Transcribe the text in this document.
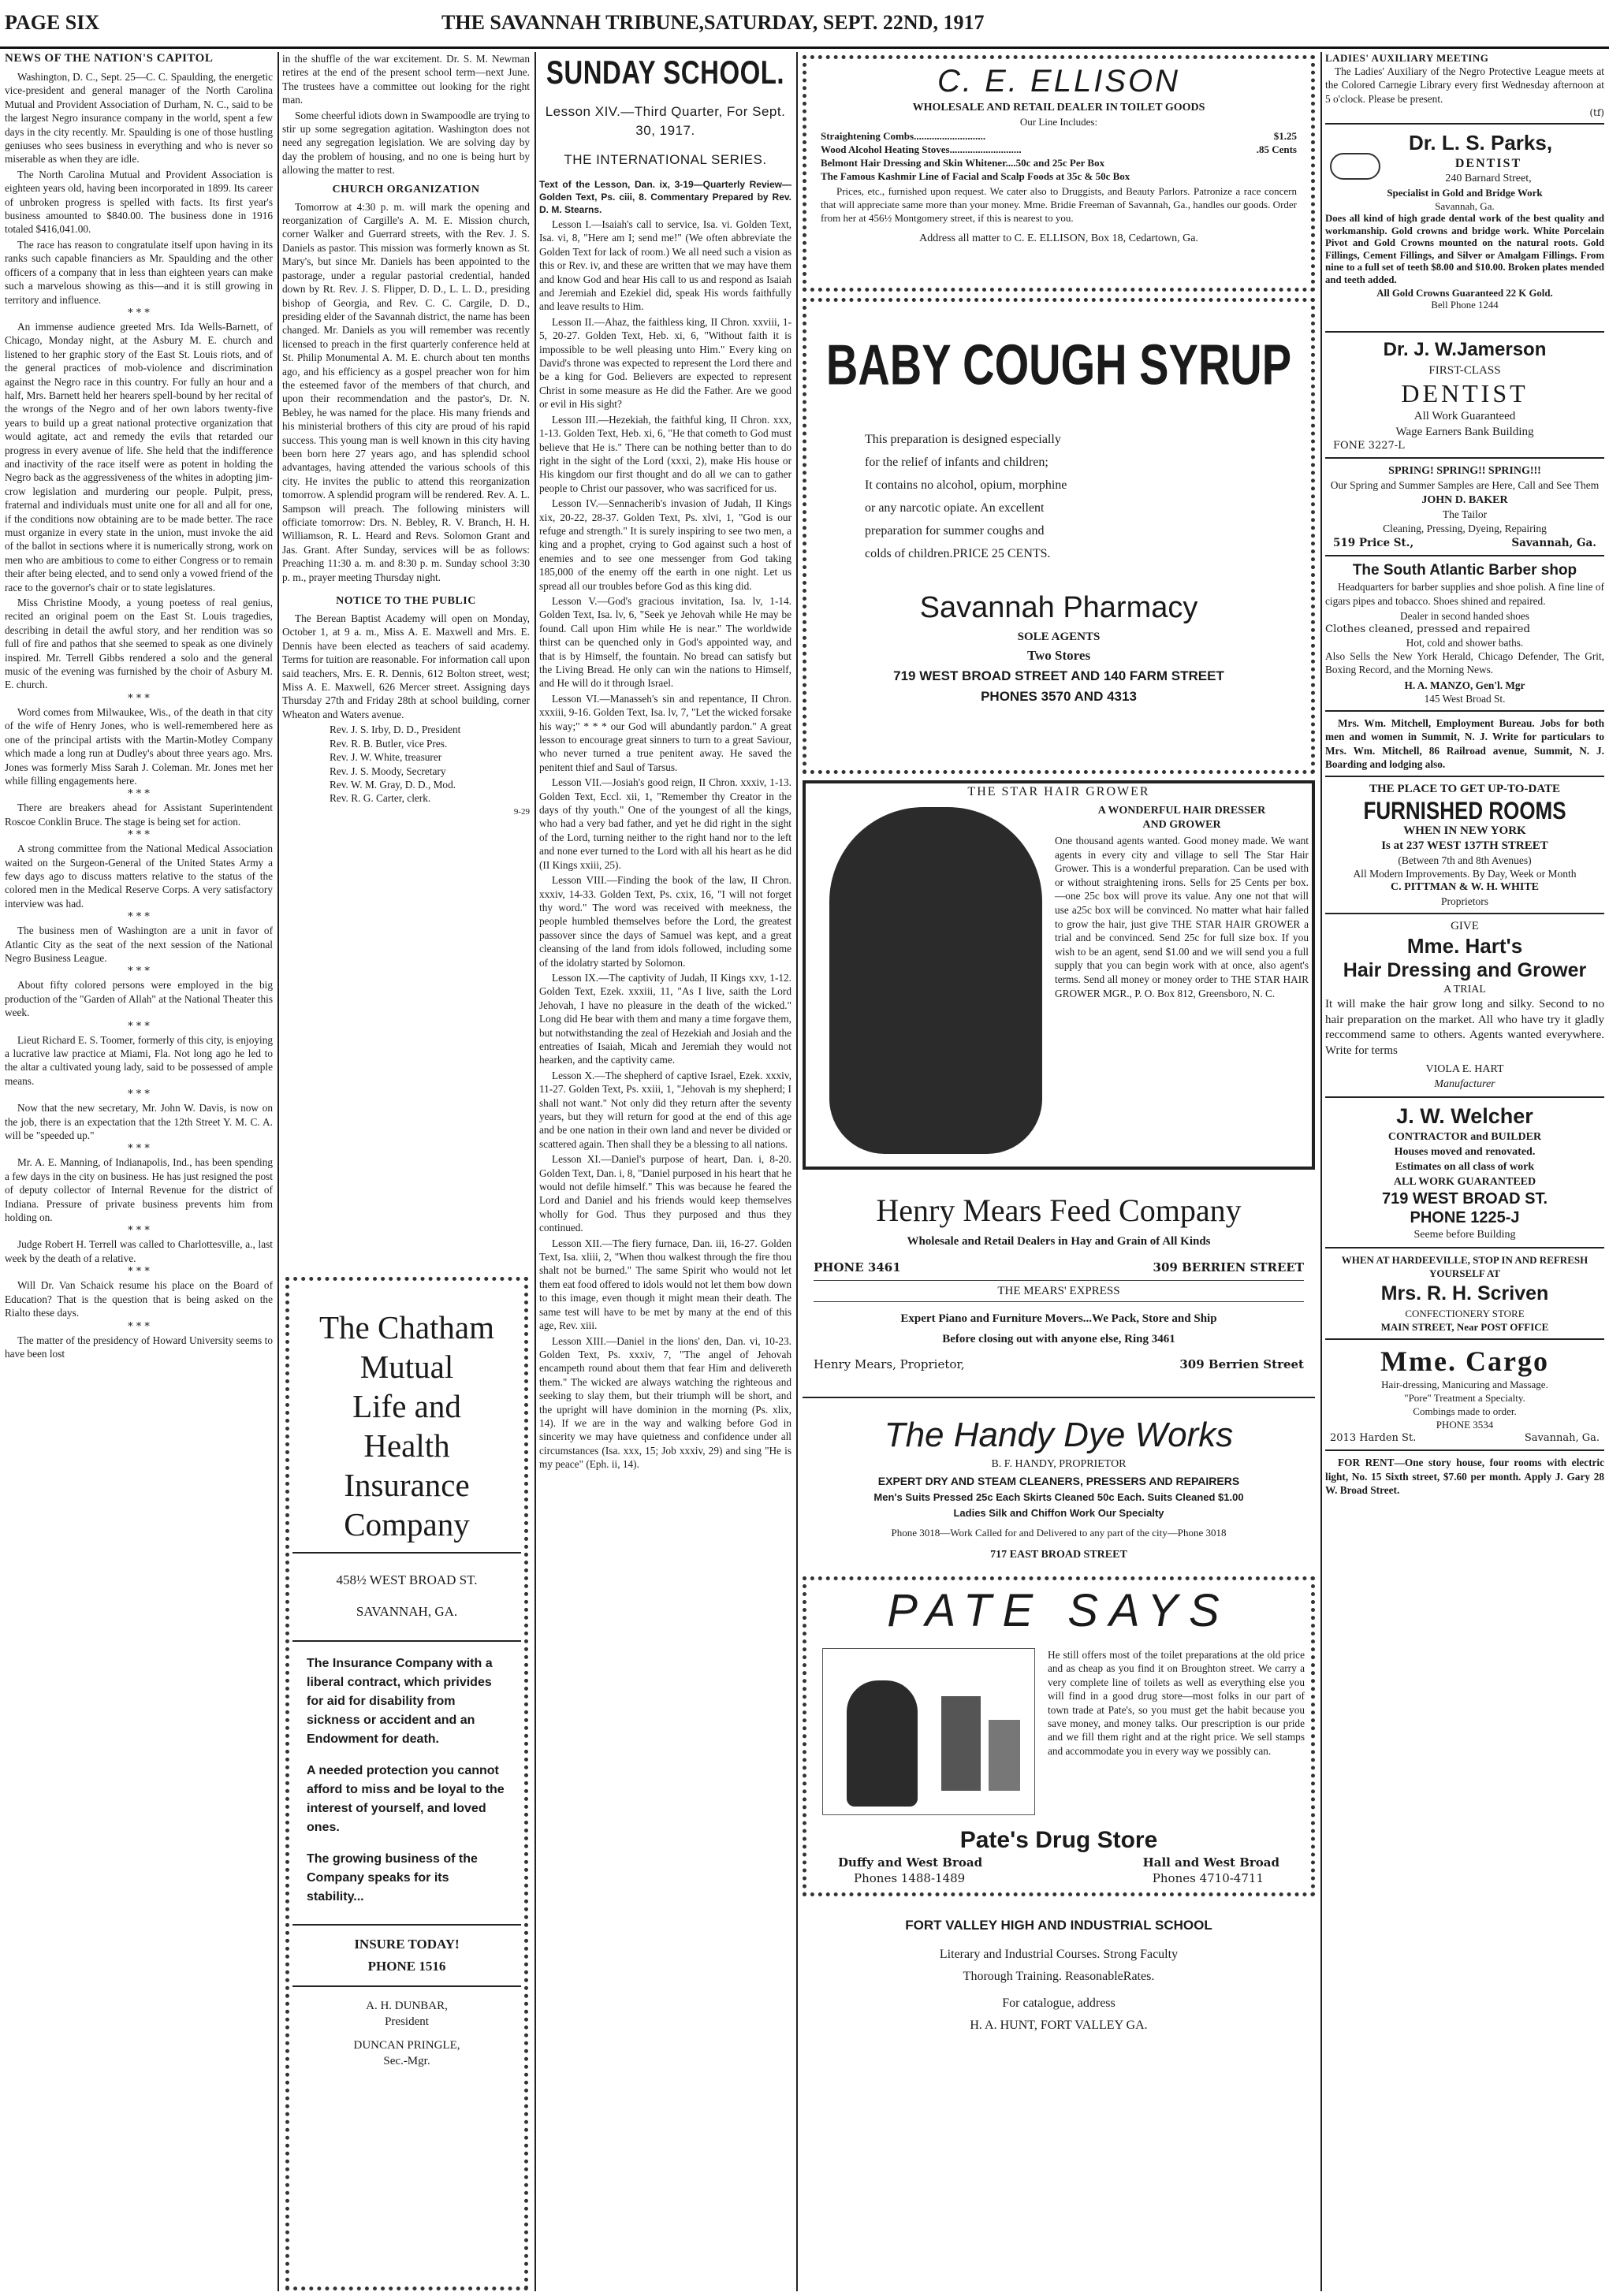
PAGE SIX	THE SAVANNAH TRIBUNE,SATURDAY, SEPT. 22ND, 1917
NEWS OF THE NATION'S CAPITOL

Washington, D. C., Sept. 25—C. C. Spaulding, the energetic vice-president and general manager of the North Carolina Mutual and Provident Association of Durham, N. C., said to be the largest Negro insurance company in the world, spent a few days in the city recently. Mr. Spaulding is one of those hustling geniuses who sees business in everything and who is never so miserable as when they are idle.

The North Carolina Mutual and Provident Association is eighteen years old, having been incorporated in 1899. Its career of unbroken progress is spelled with facts. Its first year's business amounted to $840.00. The business done in 1916 totaled $416,041.00.

The race has reason to congratulate itself upon having in its ranks such capable financiers as Mr. Spaulding and the other officers of a company that in less than eighteen years can make such a marvelous showing as this—and it is still growing in territory and influence.

* * *

An immense audience greeted Mrs. Ida Wells-Barnett, of Chicago, Monday night, at the Asbury M. E. church and listened to her graphic story of the East St. Louis riots, and of the general practices of mob-violence and discrimination against the Negro race in this country. For fully an hour and a half, Mrs. Barnett held her hearers spell-bound by her recital of the wrongs of the Negro and of her own labors twenty-five years to build up a great national protective organization that would agitate, act and remedy the evils that retarded our progress in every avenue of life. She held that the indifference and inactivity of the race itself were as potent in holding the Negro back as the aggressiveness of the whites in adopting jim-crow legislation and murdering our people. Pulpit, press, fraternal and individuals must unite one for all and all for one, if the conditions now obtaining are to be made better. The race must organize in every state in the union, must invoke the aid of the ballot in sections where it is numerically strong, work on men who are ambitious to come to either Congress or to remain their after being elected, and to send only a vowed friend of the race to the governor's chair or to state legislatures.

Miss Christine Moody, a young poetess of real genius, recited an original poem on the East St. Louis tragedies, describing in detail the awful story, and her rendition was so full of fire and pathos that she seemed to speak as one divinely inspired. Mr. Terrell Gibbs rendered a solo and the general music of the evening was furnished by the choir of Asbury M. E. church.

* * *

Word comes from Milwaukee, Wis., of the death in that city of the wife of Henry Jones, who is well-remembered here as one of the principal artists with the Martin-Motley Company which made a long run at Dudley's about three years ago. Mrs. Jones was formerly Miss Sarah J. Coleman. Mr. Jones met her while filling engagements here.

* * *

There are breakers ahead for Assistant Superintendent Roscoe Conklin Bruce. The stage is being set for action.

* * *

A strong committee from the National Medical Association waited on the Surgeon-General of the United States Army a few days ago to discuss matters relative to the status of the colored men in the Medical Reserve Corps. A very satisfactory interview was had.

* * *

The business men of Washington are a unit in favor of Atlantic City as the seat of the next session of the National Negro Business League.

* * *

About fifty colored persons were employed in the big production of the "Garden of Allah" at the National Theater this week.

* * *

Lieut Richard E. S. Toomer, formerly of this city, is enjoying a lucrative law practice at Miami, Fla. Not long ago he led to the altar a cultivated young lady, said to be possessed of ample means.

* * *

Now that the new secretary, Mr. John W. Davis, is now on the job, there is an expectation that the 12th Street Y. M. C. A. will be "speeded up."

* * *

Mr. A. E. Manning, of Indianapolis, Ind., has been spending a few days in the city on business. He has just resigned the post of deputy collector of Internal Revenue for the district of Indiana. Pressure of private business prevents him from holding on.

* * *

Judge Robert H. Terrell was called to Charlottesville, a., last week by the death of a relative.

* * *

Will Dr. Van Schaick resume his place on the Board of Education? That is the question that is being asked on the Rialto these days.

* * *

The matter of the presidency of Howard University seems to have been lost

in the shuffle of the war excitement. Dr. S. M. Newman retires at the end of the present school term—next June. The trustees have a committee out looking for the right man.

Some cheerful idiots down in Swampoodle are trying to stir up some segregation agitation. Washington does not need any segregation legislation. We are solving day by day the problem of housing, and no one is being hurt by allowing the matter to rest.

CHURCH ORGANIZATION

Tomorrow at 4:30 p. m. will mark the opening and reorganization of Cargille's A. M. E. Mission church, corner Walker and Guerrard streets, with the Rev. J. S. Daniels as pastor. This mission was formerly known as St. Mary's, but since Mr. Daniels has been appointed to the pastorage, under a regular pastorial credential, handed down by Rt. Rev. J. S. Flipper, D. D., L. L. D., presiding bishop of Georgia, and Rev. C. C. Cargile, D. D., presiding elder of the Savannah district, the name has been changed. Mr. Daniels as you will remember was recently licensed to preach in the first quarterly conference held at St. Philip Monumental A. M. E. church about ten months ago, and his efficiency as a gospel preacher won for him the esteemed favor of the members of that church, and upon their recommendation and the pastor's, Dr. N. Bebley, he was named for the place. His many friends and his ministerial brothers of this city are proud of his rapid success. This young man is well known in this city having been born here 27 years ago, and has splendid school advantages, having attended the various schools of this city. He invites the public to attend this reorganization tomorrow. A splendid program will be rendered. Rev. A. L. Sampson will preach. The following ministers will officiate tomorrow: Drs. N. Bebley, R. V. Branch, H. H. Williamson, R. L. Heard and Revs. Solomon Grant and Jas. Grant. After Sunday, services will be as follows: Preaching 11:30 a. m. and 8:30 p. m. Sunday school 3:30 p. m., prayer meeting Thursday night.

NOTICE TO THE PUBLIC

The Berean Baptist Academy will open on Monday, October 1, at 9 a. m., Miss A. E. Maxwell and Mrs. E. Dennis have been elected as teachers of said academy. Terms for tuition are reasonable. For information call upon said teachers, Mrs. E. R. Dennis, 612 Bolton street, west; Miss A. E. Maxwell, 626 Mercer street. Assigning days Thursday 27th and Friday 28th at school building, corner Wheaton and Waters avenue.

Rev. J. S. Irby, D. D., President
Rev. R. B. Butler, vice Pres.
Rev. J. W. White, treasurer
Rev. J. S. Moody, Secretary
Rev. W. M. Gray, D. D., Mod.
Rev. R. G. Carter, clerk.
9-29
The Chatham
Mutual
Life and
Health
Insurance
Company
458½ WEST BROAD ST.
SAVANNAH, GA.

The Insurance Company with a liberal contract, which privides for aid for disability from sickness or accident and an Endowment for death.

A needed protection you cannot afford to miss and be loyal to the interest of yourself, and loved ones.

The growing business of the Company speaks for its stability...

INSURE TODAY!
PHONE 1516
A. H. DUNBAR,
President
DUNCAN PRINGLE,
Sec.-Mgr.
SUNDAY SCHOOL.
Lesson XIV.—Third Quarter, For Sept. 30, 1917.
THE INTERNATIONAL SERIES.

Text of the Lesson, Dan. ix, 3-19—Quarterly Review—Golden Text, Ps. ciii, 8. Commentary Prepared by Rev. D. M. Stearns.

Lesson I.—Isaiah's call to service, Isa. vi. Golden Text, Isa. vi, 8, "Here am I; send me!" (We often abbreviate the Golden Text for lack of room.) We all need such a vision as this or Rev. iv, and these are written that we may have them and know God and hear His call to us and respond as Isaiah and Jeremiah and Ezekiel did, speak His words faithfully and leave results to Him.

Lesson II.—Ahaz, the faithless king, II Chron. xxviii, 1-5, 20-27. Golden Text, Heb. xi, 6, "Without faith it is impossible to be well pleasing unto Him." Every king on David's throne was expected to represent the Lord there and be a king for God. Believers are expected to represent Christ in some measure as He did the Father. Are we good or evil in His sight?

Lesson III.—Hezekiah, the faithful king, II Chron. xxx, 1-13. Golden Text, Heb. xi, 6, "He that cometh to God must believe that He is." There can be nothing better than to do right in the sight of the Lord (xxxi, 2), make His house or His kingdom our first thought and do all we can to gather people to Christ our passover, who was sacrificed for us.

Lesson IV.—Sennacherib's invasion of Judah, II Kings xix, 20-22, 28-37. Golden Text, Ps. xlvi, 1, "God is our refuge and strength." It is surely inspiring to see two men, a king and a prophet, crying to God against such a host of enemies and to see one messenger from God taking 185,000 of the enemy off the earth in one night. Let us spread all our troubles before God as this king did.

Lesson V.—God's gracious invitation, Isa. lv, 1-14. Golden Text, Isa. lv, 6, "Seek ye Jehovah while He may be found. Call upon Him while He is near." The worldwide thirst can be quenched only in God's appointed way, and that is by Himself, the fountain. No bread can satisfy but the Living Bread. He only can win the nations to Himself, and He will do it through Israel.

Lesson VI.—Manasseh's sin and repentance, II Chron. xxxiii, 9-16. Golden Text, Isa. lv, 7, "Let the wicked forsake his way;" * * * our God will abundantly pardon." A great lesson to encourage great sinners to turn to a great Saviour, who never turned a true penitent away. He saved the penitent thief and Saul of Tarsus.

Lesson VII.—Josiah's good reign, II Chron. xxxiv, 1-13. Golden Text, Eccl. xii, 1, "Remember thy Creator in the days of thy youth." One of the youngest of all the kings, who had a very bad father, and yet he did right in the sight of the Lord, turning neither to the right hand nor to the left and none ever turned to the Lord with all his heart as he did (II Kings xxiii, 25).

Lesson VIII.—Finding the book of the law, II Chron. xxxiv, 14-33. Golden Text, Ps. cxix, 16, "I will not forget thy word." The word was received with meekness, the people humbled themselves before the Lord, the greatest passover since the days of Samuel was kept, and a great cleansing of the land from idols followed, including some of the idolatry started by Solomon.

Lesson IX.—The captivity of Judah, II Kings xxv, 1-12. Golden Text, Ezek. xxxiii, 11, "As I live, saith the Lord Jehovah, I have no pleasure in the death of the wicked." Long did He bear with them and many a time forgave them, but notwithstanding the zeal of Hezekiah and Josiah and the entreaties of Isaiah, Micah and Jeremiah they would not hearken, and the captivity came.

Lesson X.—The shepherd of captive Israel, Ezek. xxxiv, 11-27. Golden Text, Ps. xxiii, 1, "Jehovah is my shepherd; I shall not want." Not only did they return after the seventy years, but they will return for good at the end of this age and be one nation in their own land and never be divided or scattered again. Then shall they be a blessing to all nations.

Lesson XI.—Daniel's purpose of heart, Dan. i, 8-20. Golden Text, Dan. i, 8, "Daniel purposed in his heart that he would not defile himself." This was because he feared the Lord and Daniel and his friends would keep themselves wholly for God. Thus they purposed and thus they continued.

Lesson XII.—The fiery furnace, Dan. iii, 16-27. Golden Text, Isa. xliii, 2, "When thou walkest through the fire thou shalt not be burned." The same Spirit who would not let them eat food offered to idols would not let them bow down to this image, even though it might mean their death. The same test will have to be met by many at the end of this age, Rev. xiii.

Lesson XIII.—Daniel in the lions' den, Dan. vi, 10-23. Golden Text, Ps. xxxiv, 7, "The angel of Jehovah encampeth round about them that fear Him and delivereth them." The wicked are always watching the righteous and seeking to slay them, but their triumph will be short, and the upright will have dominion in the morning (Ps. xlix, 14). If we are in the way and walking before God in sincerity we may have quietness and confidence under all circumstances (Isa. xxx, 15; Job xxxiv, 29) and sing "He is my peace" (Eph. ii, 14).

C. E. ELLISON
WHOLESALE AND RETAIL DEALER IN TOILET GOODS
Our Line Includes:
Straightening Combs............................	$1.25
Wood Alcohol Heating Stoves............................	.85 Cents
Belmont Hair Dressing and Skin Whitener....50c and 25c Per Box
The Famous Kashmir Line of Facial and Scalp Foods at 35c & 50c Box

Prices, etc., furnished upon request. We cater also to Druggists, and Beauty Parlors. Patronize a race concern that will appreciate same more than your money. Mme. Bridie Freeman of Savannah, Ga., handles our goods. Order from her at 456½ Montgomery street, if this is nearest to you.

Address all matter to C. E. ELLISON, Box 18, Cedartown, Ga.
BABY COUGH SYRUP
This preparation is designed especially
for the relief of infants and children;
It contains no alcohol, opium, morphine
or any narcotic opiate. An excellent
preparation for summer coughs and
colds of children.PRICE 25 CENTS.
Savannah Pharmacy
SOLE AGENTS
Two Stores
719 WEST BROAD STREET AND 140 FARM STREET
PHONES 3570 AND 4313
THE STAR HAIR GROWER
A WONDERFUL HAIR DRESSER
AND GROWER

One thousand agents wanted. Good money made. We want agents in every city and village to sell The Star Hair Grower. This is a wonderful preparation. Can be used with or without straightening irons. Sells for 25 Cents per box. —one 25c box will prove its value. Any one not that will use a25c box will be convinced. No matter what hair falled to grow the hair, just give THE STAR HAIR GROWER a trial and be convinced. Send 25c for full size box. If you wish to be an agent, send $1.00 and we will send you a full supply that you can begin work with at once, also agent's terms. Send all money or money order to THE STAR HAIR GROWER MGR., P. O. Box 812, Greensboro, N. C.

Henry Mears Feed Company
Wholesale and Retail Dealers in Hay and Grain of All Kinds
PHONE 3461	309 BERRIEN STREET
THE MEARS' EXPRESS
Expert Piano and Furniture Movers...We Pack, Store and Ship
Before closing out with anyone else, Ring 3461
Henry Mears, Proprietor,	309 Berrien Street
The Handy Dye Works
B. F. HANDY, PROPRIETOR
EXPERT DRY AND STEAM CLEANERS, PRESSERS AND REPAIRERS
Men's Suits Pressed 25c Each Skirts Cleaned 50c Each. Suits Cleaned $1.00
Ladies Silk and Chiffon Work Our Specialty
Phone 3018—Work Called for and Delivered to any part of the city—Phone 3018
717 EAST BROAD STREET
PATE SAYS

He still offers most of the toilet preparations at the old price and as cheap as you find it on Broughton street. We carry a very complete line of toilets as well as everything else you will find in a good drug store—most folks in our part of town trade at Pate's, so you must get the habit because you save money, and money talks. Our prescription is our pride and we fill them right and at the right price. We sell stamps and accommodate you in every way we possibly can.

Pate's Drug Store
Duffy and West Broad	Hall and West Broad
Phones 1488-1489	Phones 4710-4711
FORT VALLEY HIGH AND INDUSTRIAL SCHOOL
Literary and Industrial Courses. Strong Faculty
Thorough Training. ReasonableRates.
For catalogue, address
H. A. HUNT, FORT VALLEY GA.
LADIES' AUXILIARY MEETING

The Ladies' Auxiliary of the Negro Protective League meets at the Colored Carnegie Library every first Wednesday afternoon at 5 o'clock. Please be present.

(tf)
Dr. L. S. Parks,
DENTIST
240 Barnard Street,
Specialist in Gold and Bridge Work
Savannah, Ga.

Does all kind of high grade dental work of the best quality and workmanship. Gold crowns and bridge work. White Porcelain Pivot and Gold Crowns mounted on the natural roots. Gold Fillings, Cement Fillings, and Silver or Amalgam Fillings. From nine to a full set of teeth $8.00 and $10.00. Broken plates mended and teeth added.

All Gold Crowns Guaranteed 22 K Gold.
Bell Phone 1244
Dr. J. W.Jamerson
FIRST-CLASS
DENTIST
All Work Guaranteed
Wage Earners Bank Building
FONE 3227-L
SPRING! SPRING!! SPRING!!!
Our Spring and Summer Samples are Here, Call and See Them
JOHN D. BAKER
The Tailor
Cleaning, Pressing, Dyeing, Repairing
519 Price St.,	Savannah, Ga.
The South Atlantic Barber shop

Headquarters for barber supplies and shoe polish. A fine line of cigars pipes and tobacco. Shoes shined and repaired.

Dealer in second handed shoes
Clothes cleaned, pressed and repaired
Hot, cold and shower baths.

Also Sells the New York Herald, Chicago Defender, The Grit, Boxing Record, and the Morning News.

H. A. MANZO, Gen'l. Mgr
145 West Broad St.

Mrs. Wm. Mitchell, Employment Bureau. Jobs for both men and women in Summit, N. J. Write for particulars to Mrs. Wm. Mitchell, 86 Railroad avenue, Summit, N. J. Boarding and lodging also.

THE PLACE TO GET UP-TO-DATE
FURNISHED ROOMS
WHEN IN NEW YORK
Is at 237 WEST 137TH STREET
(Between 7th and 8th Avenues)
All Modern Improvements. By Day, Week or Month
C. PITTMAN & W. H. WHITE
Proprietors
GIVE
Mme. Hart's
Hair Dressing and Grower
A TRIAL

It will make the hair grow long and silky. Second to no hair preparation on the market. All who have try it gladly reccommend same to others. Agents wanted everywhere. Write for terms

VIOLA E. HART
Manufacturer
J. W. Welcher
CONTRACTOR and BUILDER
Houses moved and renovated.
Estimates on all class of work
ALL WORK GUARANTEED
719 WEST BROAD ST.
PHONE 1225-J
Seeme before Building
WHEN AT HARDEEVILLE, STOP IN AND REFRESH YOURSELF AT
Mrs. R. H. Scriven
CONFECTIONERY STORE
MAIN STREET, Near POST OFFICE
Mme. Cargo
Hair-dressing, Manicuring and Massage.
"Pore" Treatment a Specialty.
Combings made to order.
PHONE 3534
2013 Harden St.	Savannah, Ga.

FOR RENT—One story house, four rooms with electric light, No. 15 Sixth street, $7.60 per month. Apply J. Gary 28 W. Broad Street.
